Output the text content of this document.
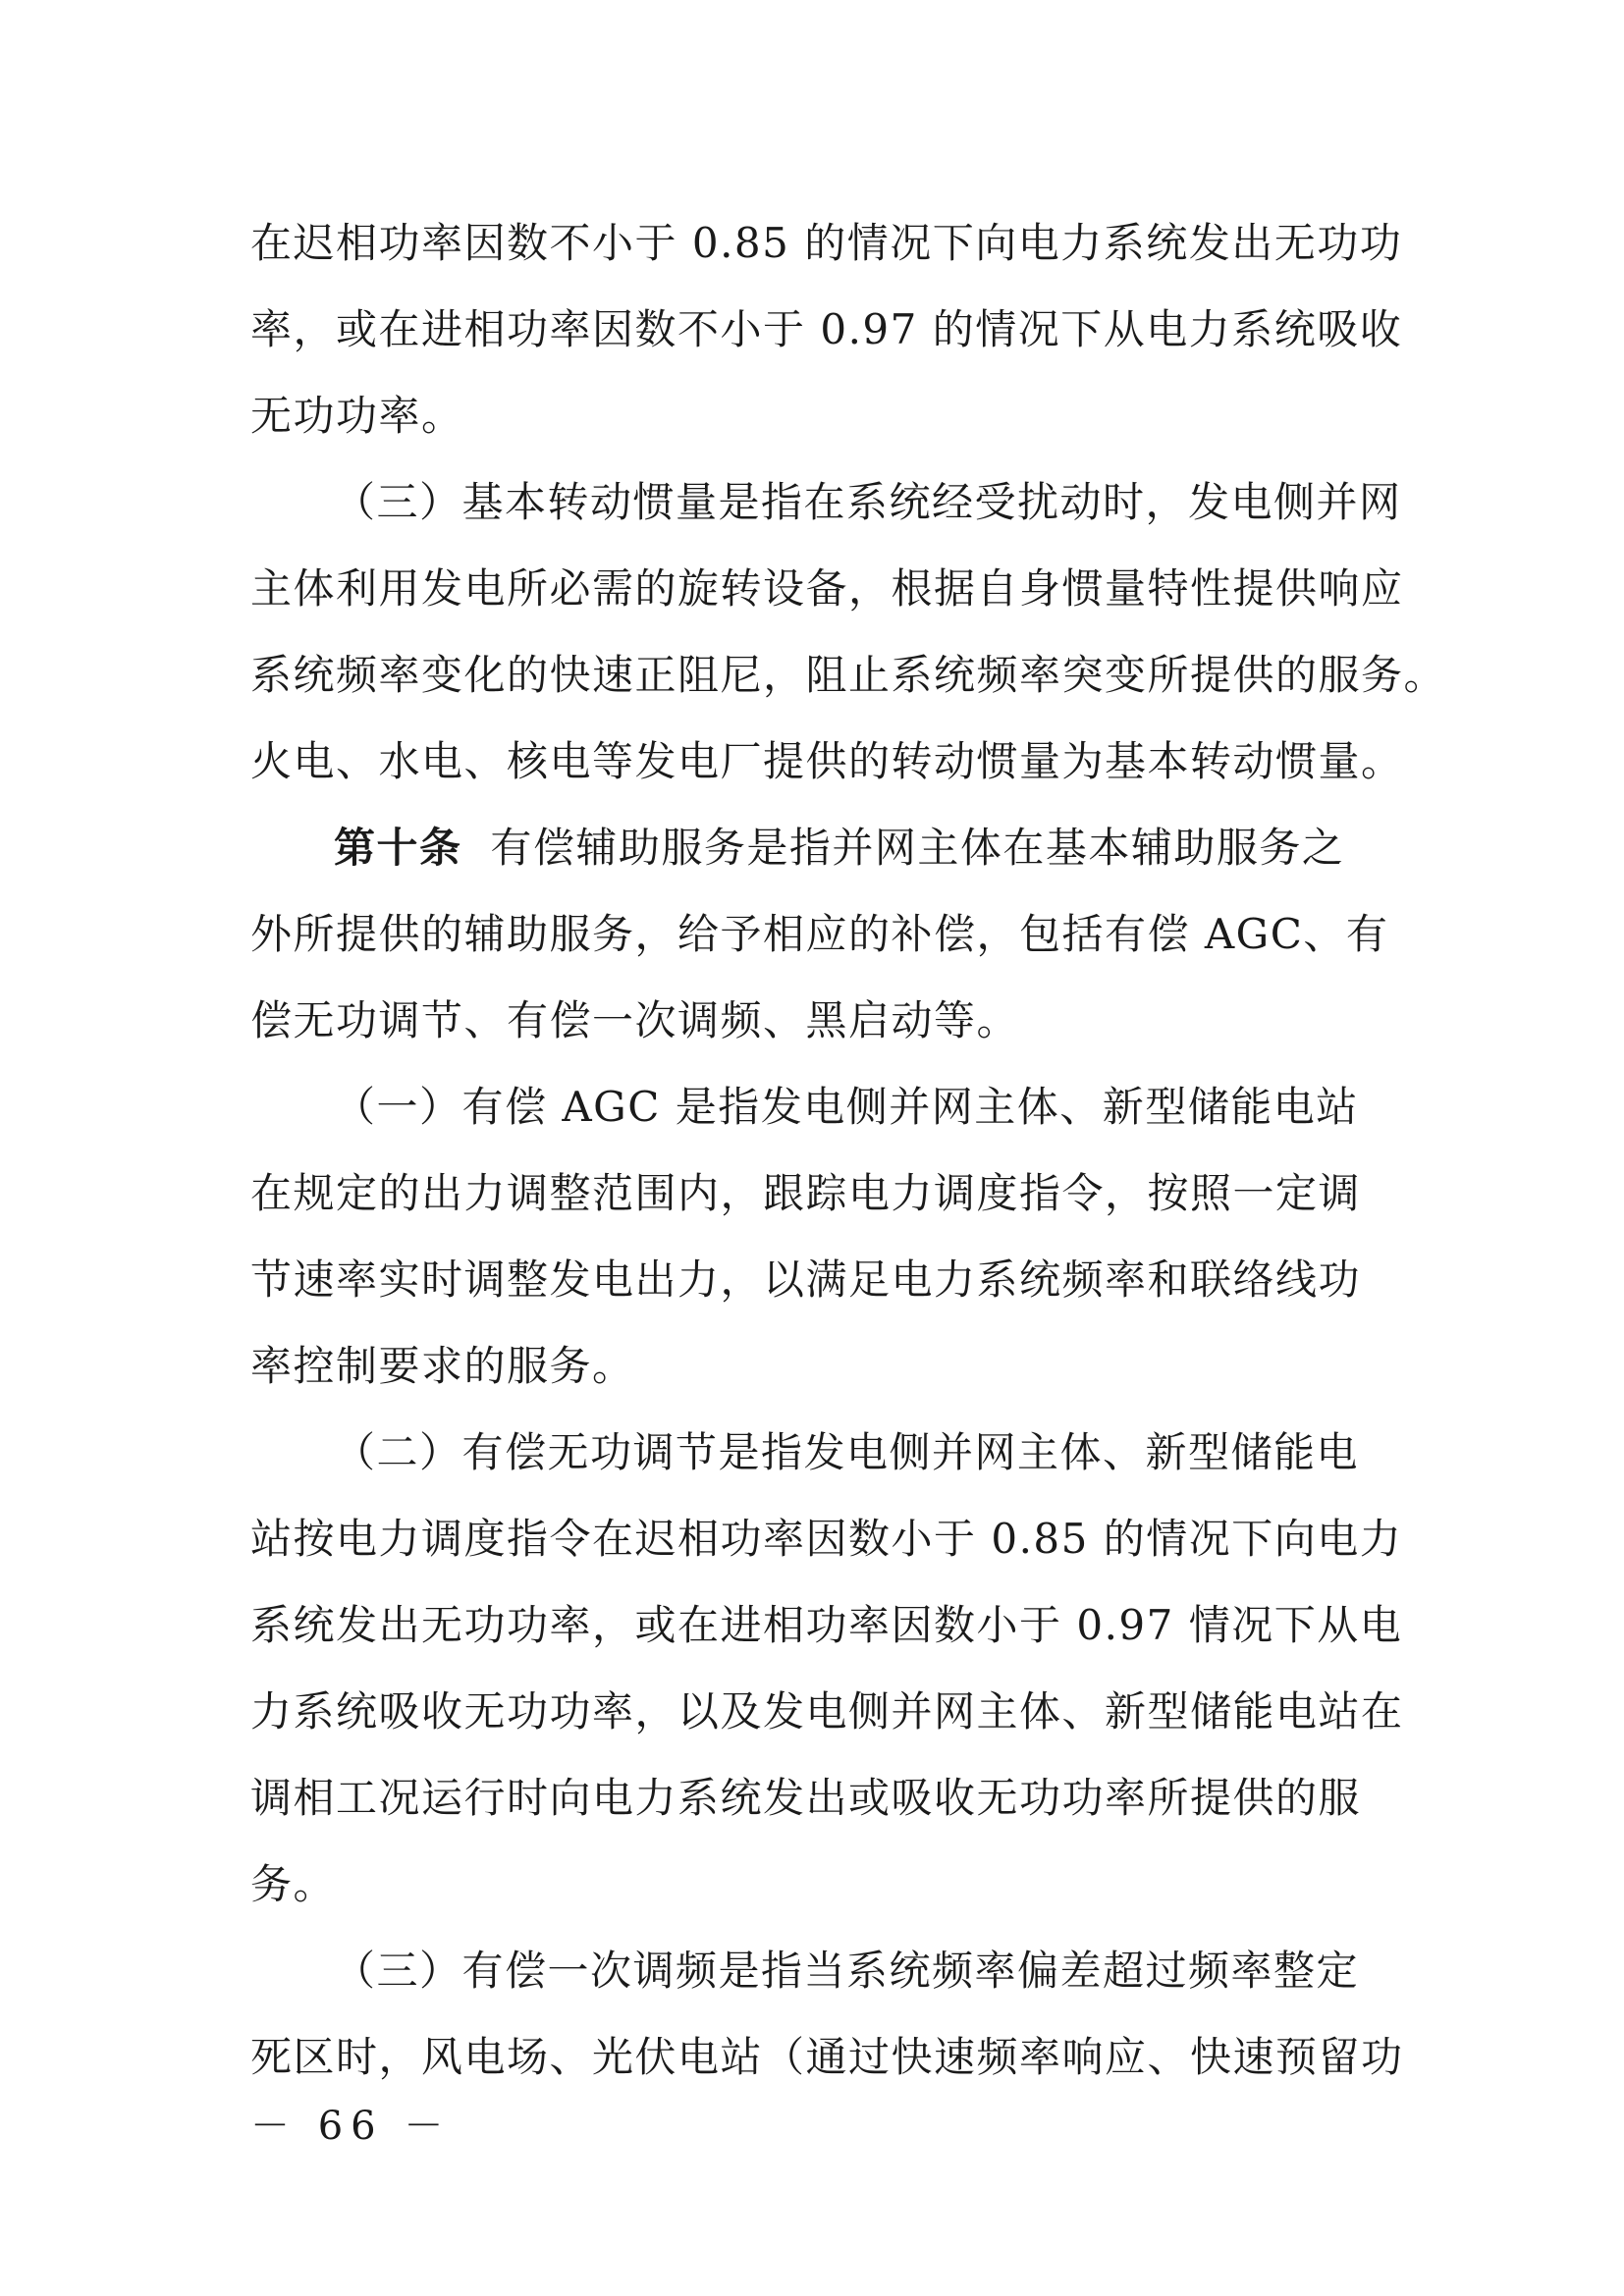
在迟相功率因数不小于 0.85 的情况下向电力系统发出无功功
率，或在进相功率因数不小于 0.97 的情况下从电力系统吸收
无功功率。
（三）基本转动惯量是指在系统经受扰动时，发电侧并网
主体利用发电所必需的旋转设备，根据自身惯量特性提供响应
系统频率变化的快速正阻尼，阻止系统频率突变所提供的服务。
火电、水电、核电等发电厂提供的转动惯量为基本转动惯量。
第十条 有偿辅助服务是指并网主体在基本辅助服务之
外所提供的辅助服务，给予相应的补偿，包括有偿 AGC、有
偿无功调节、有偿一次调频、黑启动等。
（一）有偿 AGC 是指发电侧并网主体、新型储能电站
在规定的出力调整范围内，跟踪电力调度指令，按照一定调
节速率实时调整发电出力，以满足电力系统频率和联络线功
率控制要求的服务。
（二）有偿无功调节是指发电侧并网主体、新型储能电
站按电力调度指令在迟相功率因数小于 0.85 的情况下向电力
系统发出无功功率，或在进相功率因数小于 0.97 情况下从电
力系统吸收无功功率，以及发电侧并网主体、新型储能电站在
调相工况运行时向电力系统发出或吸收无功功率所提供的服
务。
（三）有偿一次调频是指当系统频率偏差超过频率整定
死区时，风电场、光伏电站（通过快速频率响应、快速预留功
－ 66 －
